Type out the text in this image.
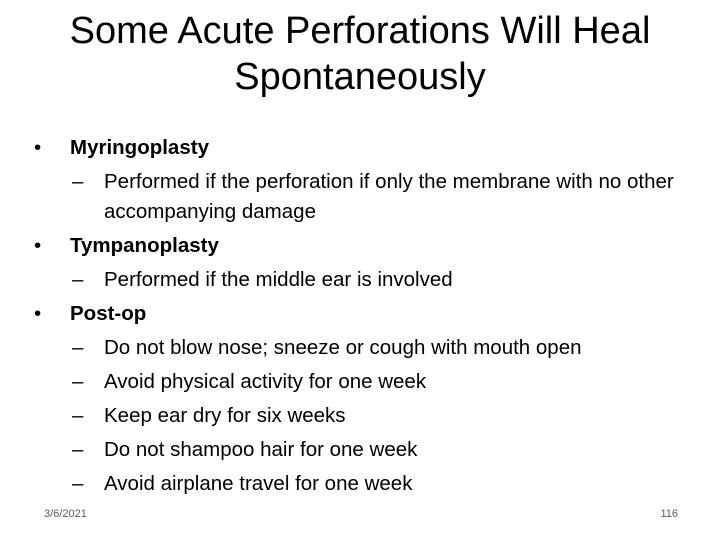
Some Acute Perforations Will Heal
Spontaneously
• Myringoplasty
– Performed if the perforation if only the membrane with no other accompanying damage
• Tympanoplasty
– Performed if the middle ear is involved
• Post-op
– Do not blow nose; sneeze or cough with mouth open
– Avoid physical activity for one week
– Keep ear dry for six weeks
– Do not shampoo hair for one week
– Avoid airplane travel for one week
3/6/2021	116
